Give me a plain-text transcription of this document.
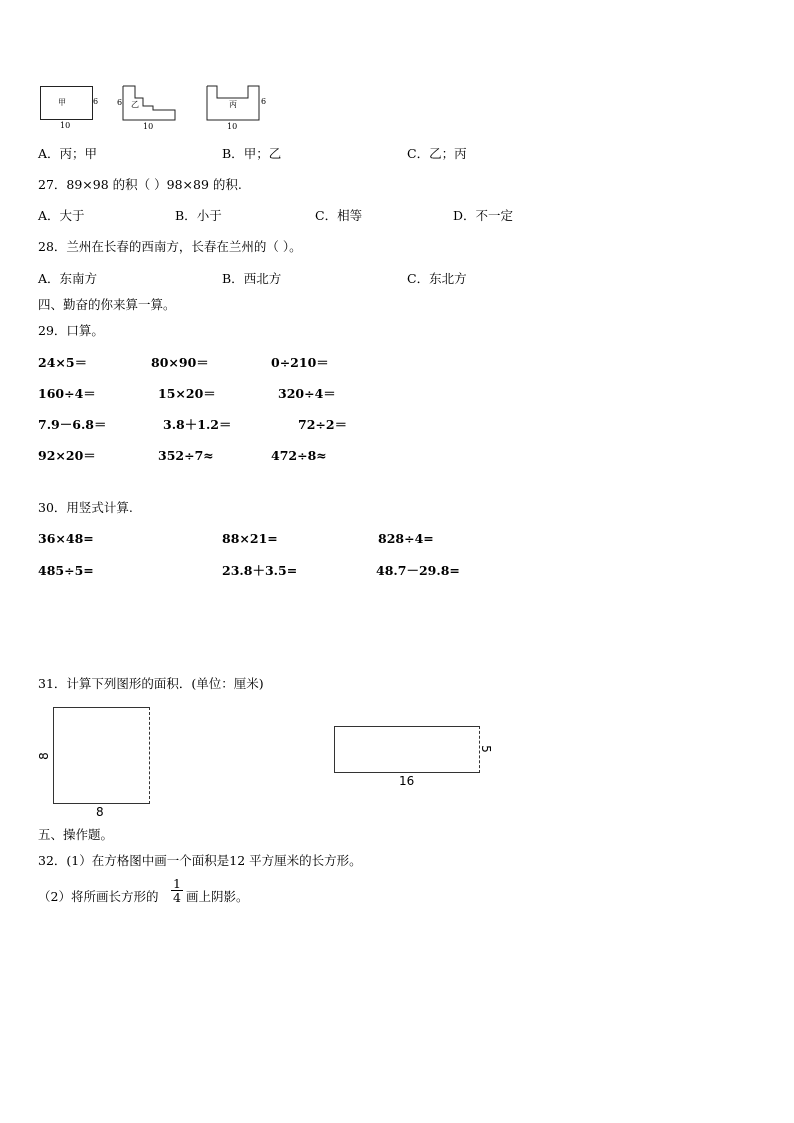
甲	6
10
乙
6
10
丙	6
10
A．丙；甲	B．甲；乙	C．乙；丙
27．89×98 的积（ ）98×89 的积.
A．大于	B．小于	C．相等	D．不一定
28．兰州在长春的西南方，长春在兰州的（ ）。
A．东南方	B．西北方	C．东北方
四、勤奋的你来算一算。
29．口算。
24×5＝	80×90＝	0÷210＝
160÷4＝	15×20＝	320÷4＝
7.9－6.8＝	3.8＋1.2＝	72÷2＝
92×20＝	352÷7≈	472÷8≈
30．用竖式计算.
36×48=	88×21=	828÷4=
485÷5=	23.8＋3.5=	48.7－29.8=
31．计算下列图形的面积．(单位：厘米)
8
8
5
16
五、操作题。
32．(1）在方格图中画一个面积是12 平方厘米的长方形。
（2）将所画长方形的 $\frac{1}{4}$ 画上阴影。
